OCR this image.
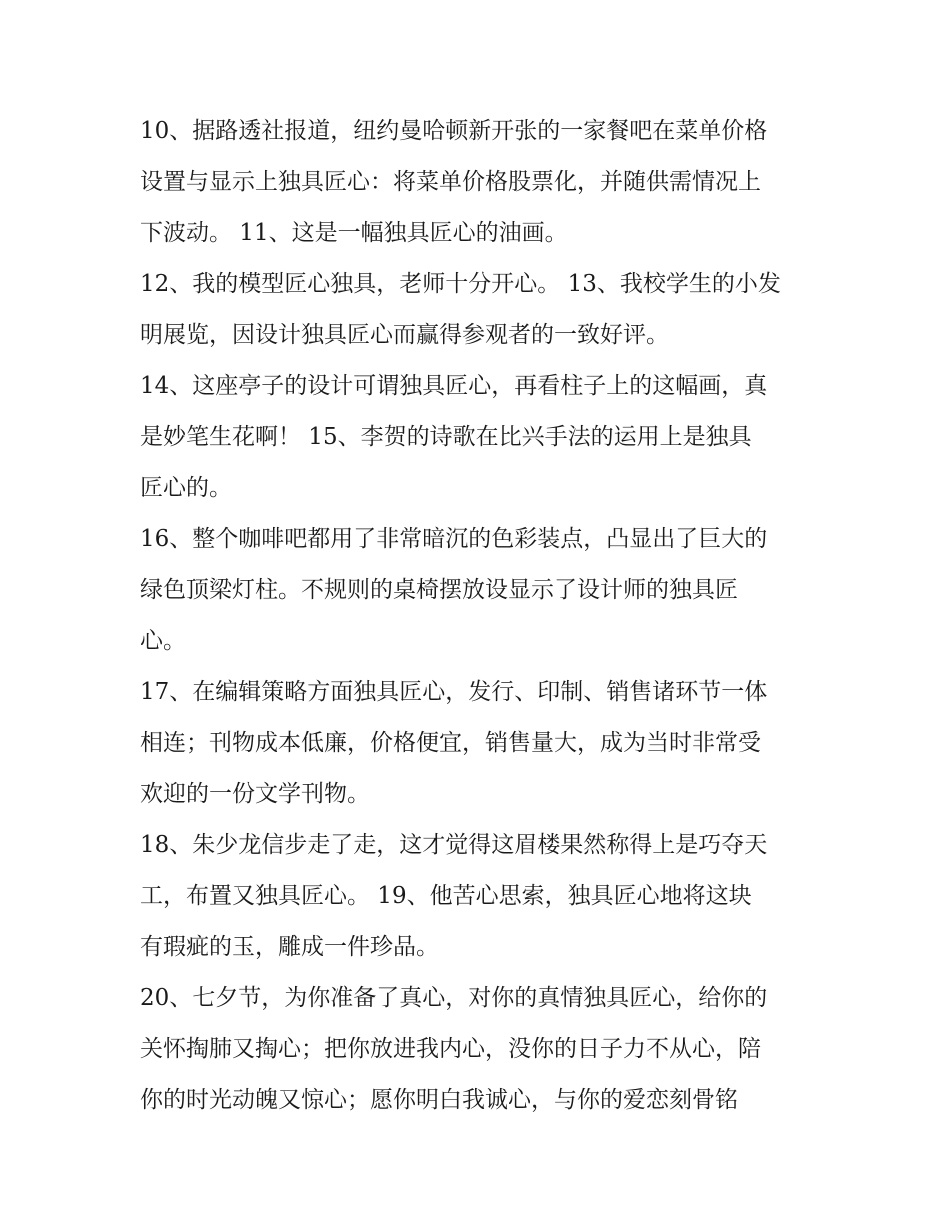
10、据路透社报道，纽约曼哈顿新开张的一家餐吧在菜单价格
设置与显示上独具匠心：将菜单价格股票化，并随供需情况上
下波动。 11、这是一幅独具匠心的油画。
12、我的模型匠心独具，老师十分开心。 13、我校学生的小发
明展览，因设计独具匠心而赢得参观者的一致好评。
14、这座亭子的设计可谓独具匠心，再看柱子上的这幅画，真
是妙笔生花啊！ 15、李贺的诗歌在比兴手法的运用上是独具
匠心的。
16、整个咖啡吧都用了非常暗沉的色彩装点，凸显出了巨大的
绿色顶梁灯柱。不规则的桌椅摆放设显示了设计师的独具匠
心。
17、在编辑策略方面独具匠心，发行、印制、销售诸环节一体
相连；刊物成本低廉，价格便宜，销售量大，成为当时非常受
欢迎的一份文学刊物。
18、朱少龙信步走了走，这才觉得这眉楼果然称得上是巧夺天
工，布置又独具匠心。 19、他苦心思索，独具匠心地将这块
有瑕疵的玉，雕成一件珍品。
20、七夕节，为你准备了真心，对你的真情独具匠心，给你的
关怀掏肺又掏心；把你放进我内心，没你的日子力不从心，陪
你的时光动魄又惊心；愿你明白我诚心，与你的爱恋刻骨铭
